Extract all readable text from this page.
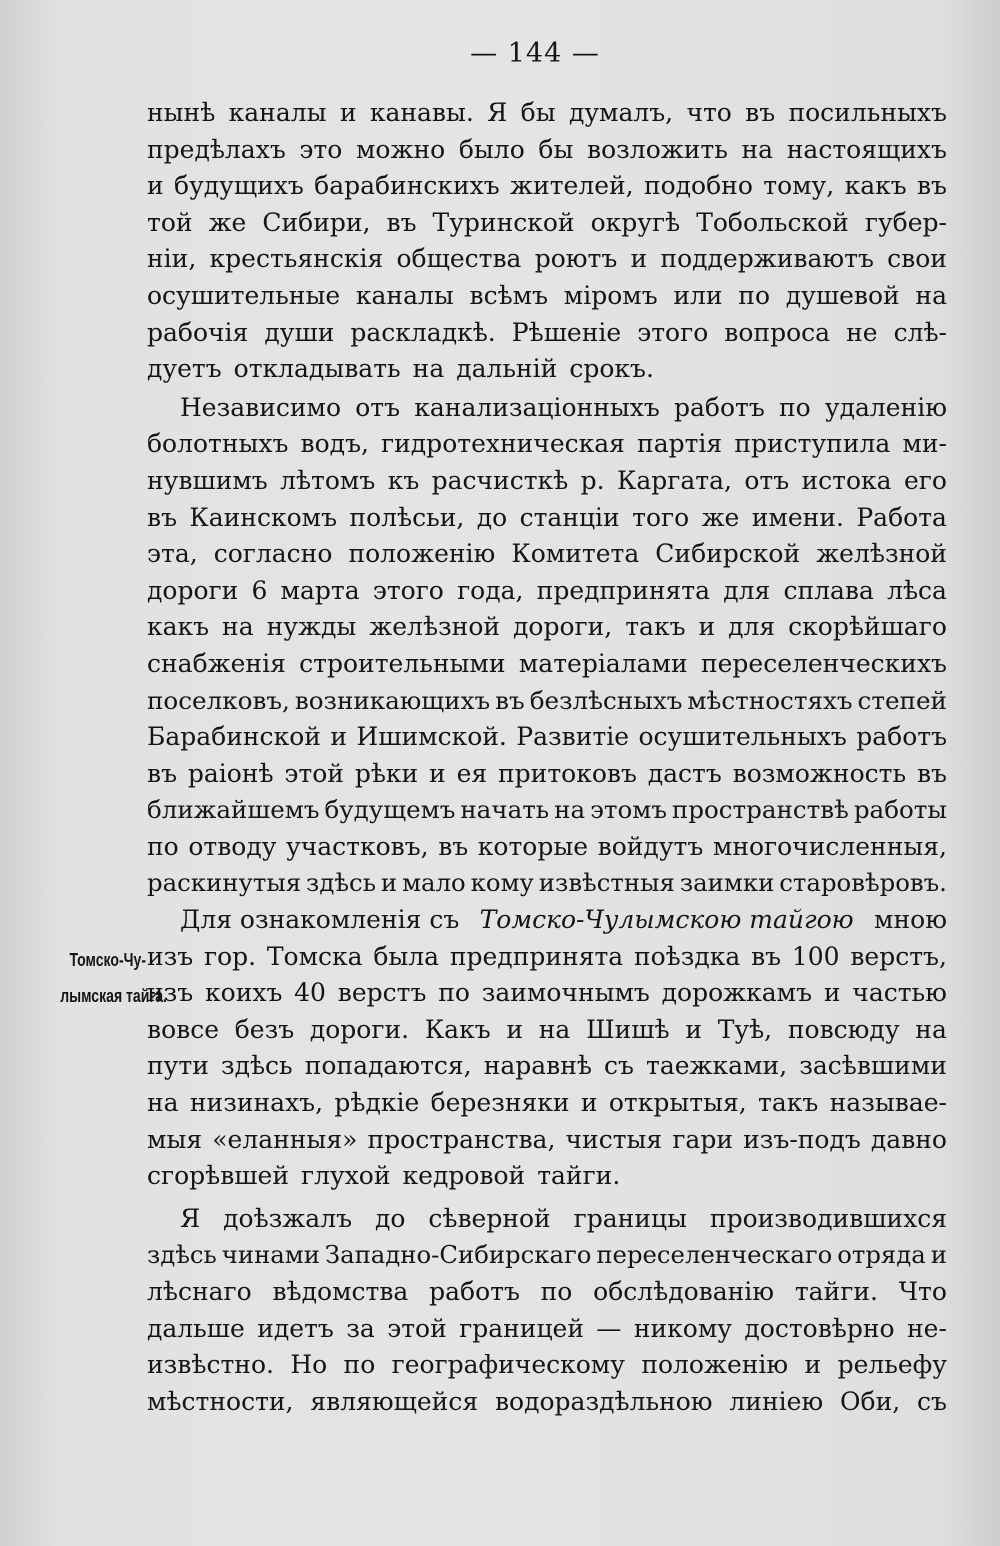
— 144 —
Томско-Чу-
лымская тайга.
нынѣ каналы и канавы. Я бы думалъ, что въ посильныхъ
предѣлахъ это можно было бы возложить на настоящихъ
и будущихъ барабинскихъ жителей, подобно тому, какъ въ
той же Сибири, въ Туринской округѣ Тобольской губер-
ніи, крестьянскія общества роютъ и поддерживаютъ свои
осушительные каналы всѣмъ міромъ или по душевой на
рабочія души раскладкѣ. Рѣшеніе этого вопроса не слѣ-
дуетъ откладывать на дальній срокъ.
Независимо отъ канализаціонныхъ работъ по удаленію
болотныхъ водъ, гидротехническая партія приступила ми-
нувшимъ лѣтомъ къ расчисткѣ р. Каргата, отъ истока его
въ Каинскомъ полѣсьи, до станціи того же имени. Работа
эта, согласно положенію Комитета Сибирской желѣзной
дороги 6 марта этого года, предпринята для сплава лѣса
какъ на нужды желѣзной дороги, такъ и для скорѣйшаго
снабженія строительными матеріалами переселенческихъ
поселковъ, возникающихъ въ безлѣсныхъ мѣстностяхъ степей
Барабинской и Ишимской. Развитіе осушительныхъ работъ
въ раіонѣ этой рѣки и ея притоковъ дастъ возможность въ
ближайшемъ будущемъ начать на этомъ пространствѣ работы
по отводу участковъ, въ которые войдутъ многочисленныя,
раскинутыя здѣсь и мало кому извѣстныя заимки старовѣровъ.
Для ознакомленія съ Томско-Чулымскою тайгою мною
изъ гор. Томска была предпринята поѣздка въ 100 верстъ,
изъ коихъ 40 верстъ по заимочнымъ дорожкамъ и частью
вовсе безъ дороги. Какъ и на Шишѣ и Туѣ, повсюду на
пути здѣсь попадаются, наравнѣ съ таежками, засѣвшими
на низинахъ, рѣдкіе березняки и открытыя, такъ называе-
мыя «еланныя» пространства, чистыя гари изъ-подъ давно
сгорѣвшей глухой кедровой тайги.
Я доѣзжалъ до сѣверной границы производившихся
здѣсь чинами Западно-Сибирскаго переселенческаго отряда и
лѣснаго вѣдомства работъ по обслѣдованію тайги. Что
дальше идетъ за этой границей — никому достовѣрно не-
извѣстно. Но по географическому положенію и рельефу
мѣстности, являющейся водораздѣльною линіею Оби, съ
